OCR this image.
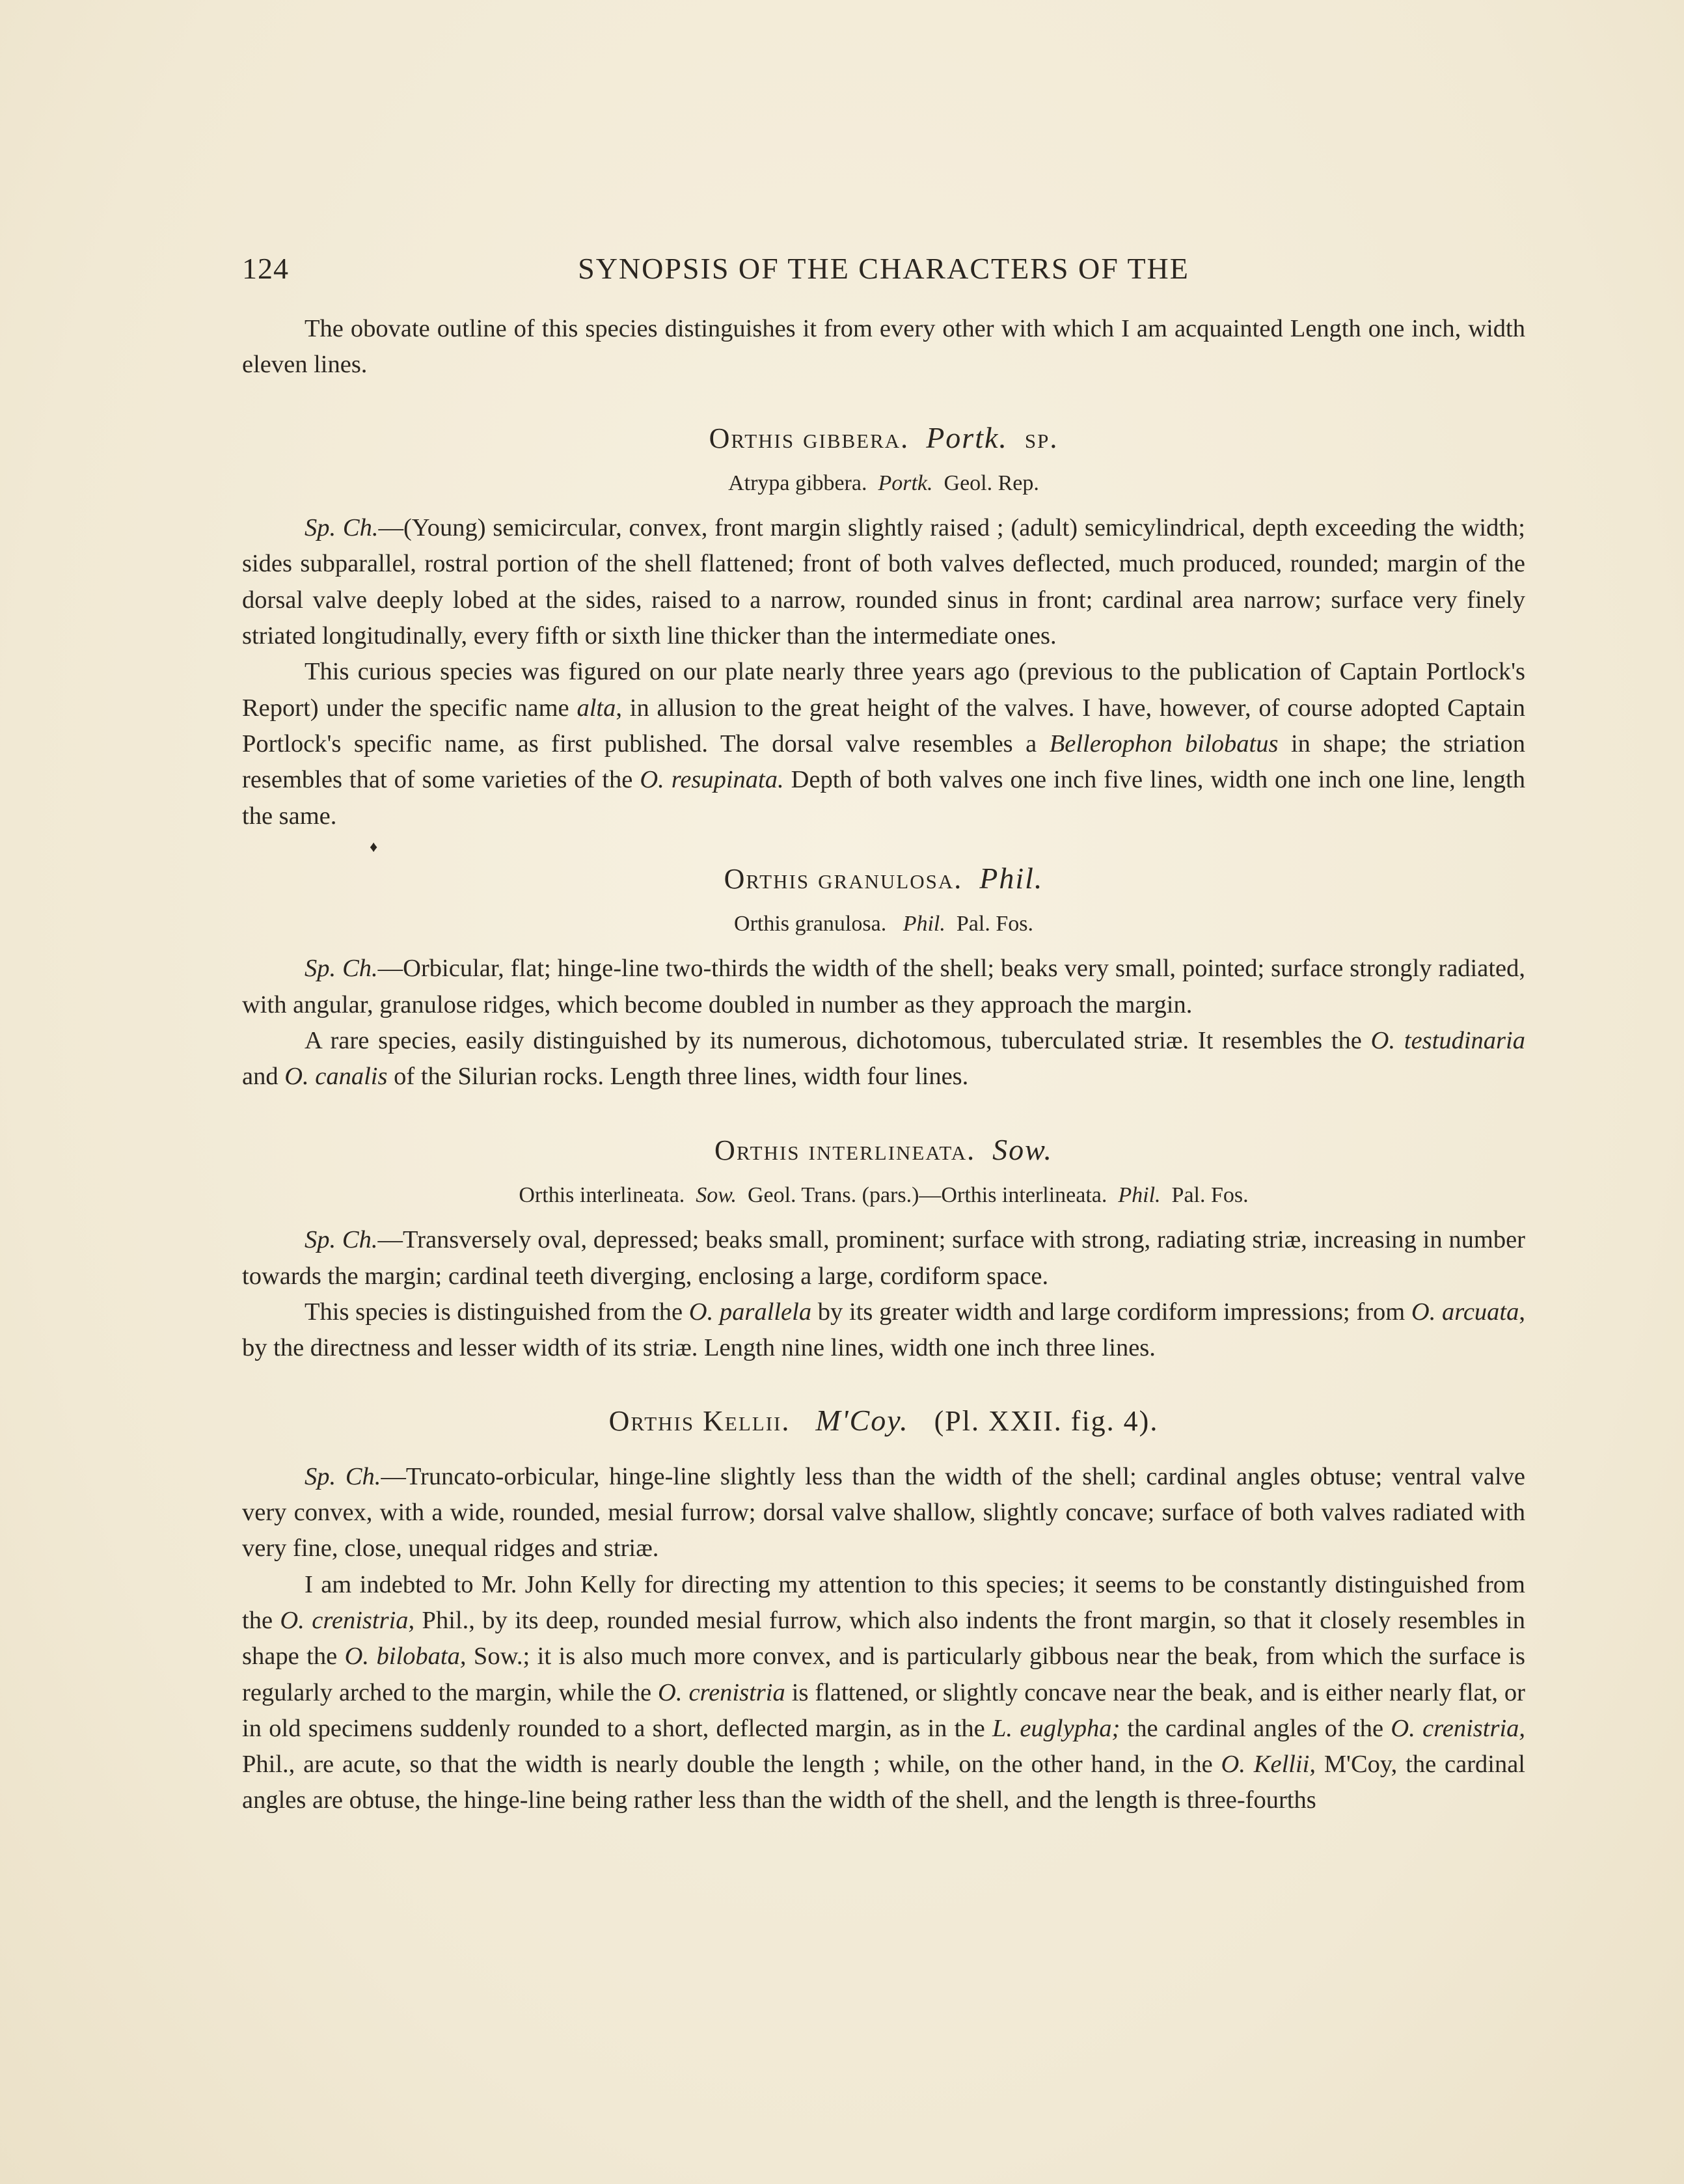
124	SYNOPSIS OF THE CHARACTERS OF THE

The obovate outline of this species distinguishes it from every other with which I am acquainted Length one inch, width eleven lines.

Orthis gibbera. Portk. sp.
Atrypa gibbera. Portk. Geol. Rep.

Sp. Ch.—(Young) semicircular, convex, front margin slightly raised ; (adult) semicylindrical, depth exceeding the width; sides subparallel, rostral portion of the shell flattened; front of both valves deflected, much produced, rounded; margin of the dorsal valve deeply lobed at the sides, raised to a narrow, rounded sinus in front; cardinal area narrow; surface very finely striated longitudinally, every fifth or sixth line thicker than the intermediate ones.

This curious species was figured on our plate nearly three years ago (previous to the publication of Captain Portlock's Report) under the specific name alta, in allusion to the great height of the valves. I have, however, of course adopted Captain Portlock's specific name, as first published. The dorsal valve resembles a Bellerophon bilobatus in shape; the striation resembles that of some varieties of the O. resupinata. Depth of both valves one inch five lines, width one inch one line, length the same.

♦
Orthis granulosa. Phil.
Orthis granulosa. Phil. Pal. Fos.

Sp. Ch.—Orbicular, flat; hinge-line two-thirds the width of the shell; beaks very small, pointed; surface strongly radiated, with angular, granulose ridges, which become doubled in number as they approach the margin.

A rare species, easily distinguished by its numerous, dichotomous, tuberculated striæ. It resembles the O. testudinaria and O. canalis of the Silurian rocks. Length three lines, width four lines.

Orthis interlineata. Sow.
Orthis interlineata. Sow. Geol. Trans. (pars.)—Orthis interlineata. Phil. Pal. Fos.

Sp. Ch.—Transversely oval, depressed; beaks small, prominent; surface with strong, radiating striæ, increasing in number towards the margin; cardinal teeth diverging, enclosing a large, cordiform space.

This species is distinguished from the O. parallela by its greater width and large cordiform impressions; from O. arcuata, by the directness and lesser width of its striæ. Length nine lines, width one inch three lines.

Orthis Kellii. M'Coy. (Pl. XXII. fig. 4).

Sp. Ch.—Truncato-orbicular, hinge-line slightly less than the width of the shell; cardinal angles obtuse; ventral valve very convex, with a wide, rounded, mesial furrow; dorsal valve shallow, slightly concave; surface of both valves radiated with very fine, close, unequal ridges and striæ.

I am indebted to Mr. John Kelly for directing my attention to this species; it seems to be constantly distinguished from the O. crenistria, Phil., by its deep, rounded mesial furrow, which also indents the front margin, so that it closely resembles in shape the O. bilobata, Sow.; it is also much more convex, and is particularly gibbous near the beak, from which the surface is regularly arched to the margin, while the O. crenistria is flattened, or slightly concave near the beak, and is either nearly flat, or in old specimens suddenly rounded to a short, deflected margin, as in the L. euglypha; the cardinal angles of the O. crenistria, Phil., are acute, so that the width is nearly double the length ; while, on the other hand, in the O. Kellii, M'Coy, the cardinal angles are obtuse, the hinge-line being rather less than the width of the shell, and the length is three-fourths
